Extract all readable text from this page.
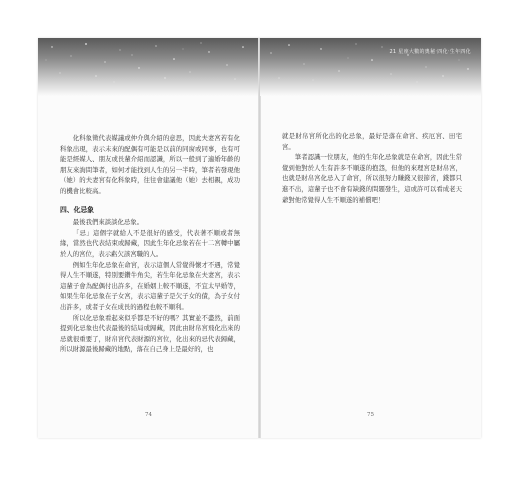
化科象徵代表媒議或仲介與介紹的意思，因此夫妻宮若有化科象出現，表示未來的配偶有可能是以前的同窗或同事，也有可能是經媒人、朋友或長輩介紹而認識，所以一般到了適婚年齡的朋友來詢問筆者，如何才能找到人生的另一半時，筆者若發現他（她）的夫妻宮有化科象時，往往會建議他（她）去相親，成功的機會比較高。

四、化忌象

最後我們來談談化忌象。

「忌」這個字就給人不是很好的感受，代表著不順或者無緣，當然也代表結束或歸藏，因此生年化忌象若在十二宮轉中屬於人的宮位，表示虧欠該宮職的人。

例如生年化忌象在命宮，表示這個人常覺得懷才不遇，常覺得人生不順遂，特別要鑽牛角尖，若生年化忌象在夫妻宮，表示這輩子會為配偶付出許多，在婚姻上較不順遂，不宜太早婚等，如果生年化忌象在子女宮，表示這輩子是欠子女的債，為子女付出許多，或者子女在成長的過程也較不順利。

所以化忌象看起來似乎都是不好的嗎？其實並不盡然，前面提到化忌象也代表最後的結局或歸藏，因此由財帛宮飛化出來的忌就很重要了，財帛宮代表財源的宮位，化出來的忌代表歸藏，所以財源最後歸藏的地點，落在自己身上是最好的，也

74
21 星座大數的奧秘‧四化‧生年四化

就是財帛宮所化出的化忌象，最好是落在命宮、疾厄宮、田宅宮。

筆者認識一位朋友，他的生年化忌象就是在命宮，因此生常覺到他對於人生有許多不順遂的抱怨，但他的來理宮是財帛宮，也就是財帛宮化忌入了命宮，所以很努力賺錢又很節省，錢都只進不出，這輩子也不會有缺錢的問題發生，這或許可以看成老天爺對他常覺得人生不順遂的補償吧！

75
